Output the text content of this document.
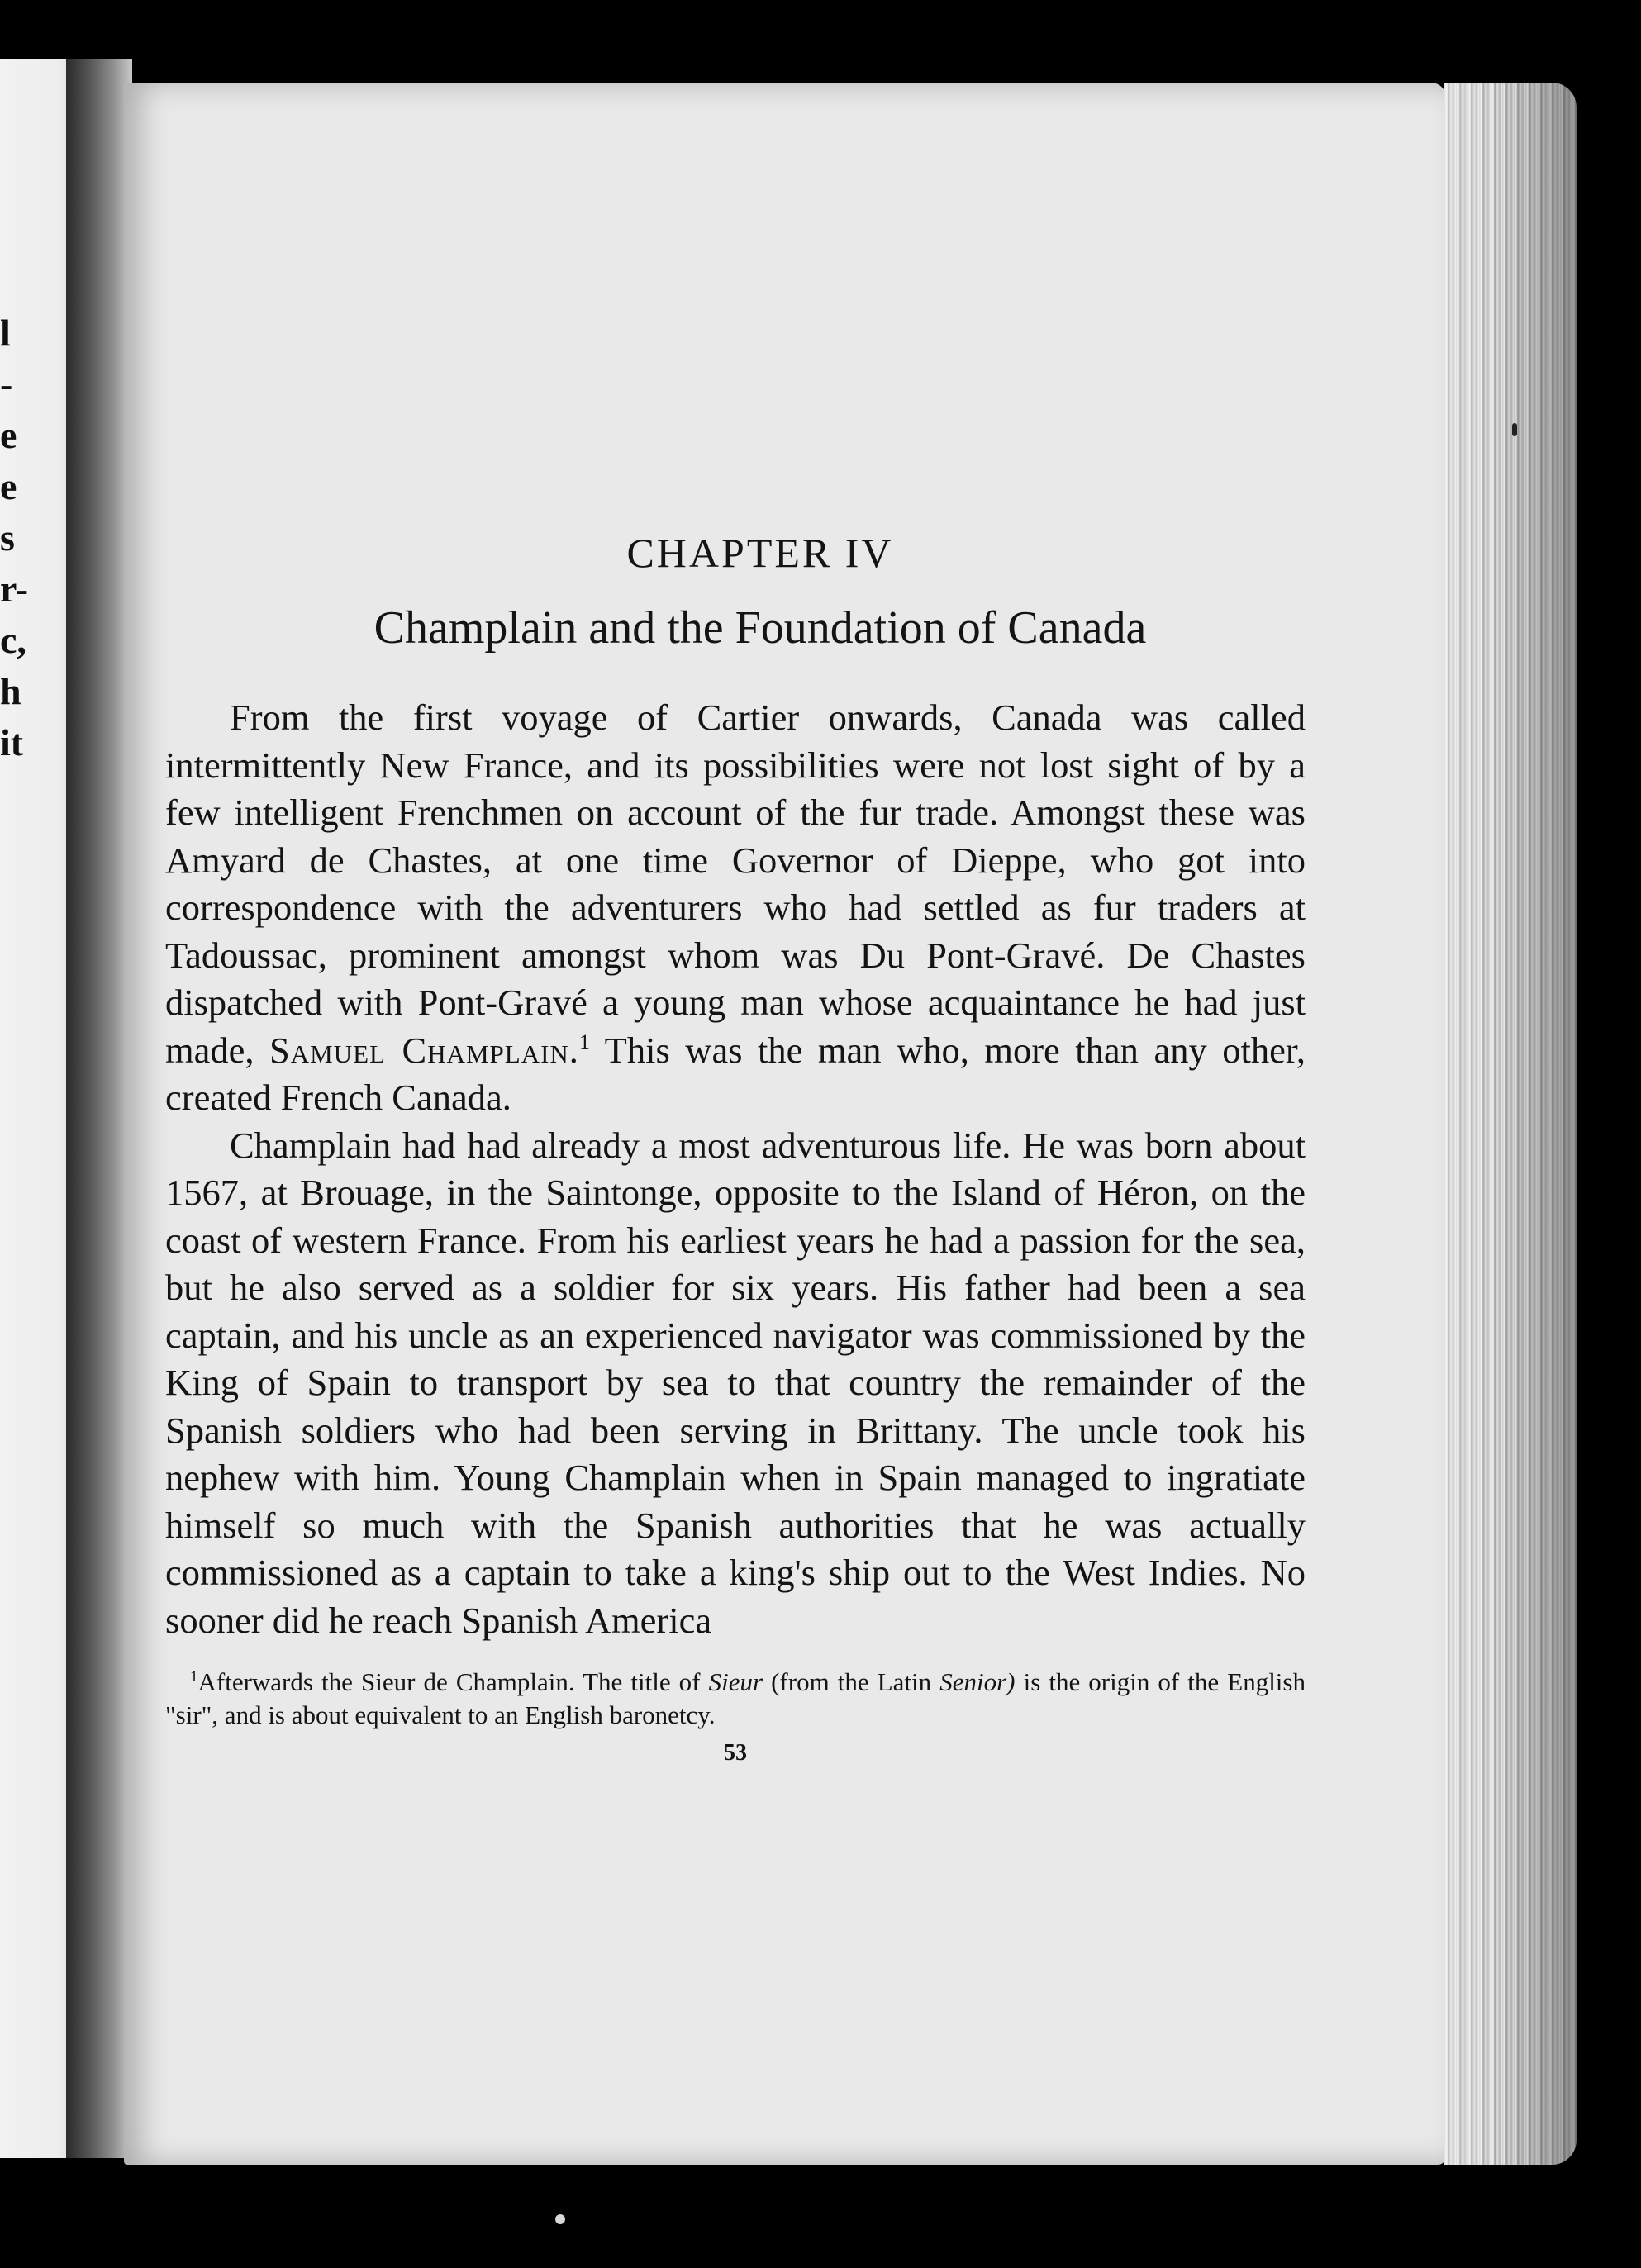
l
-
e
e
s
r-
c,
h
it
CHAPTER IV
Champlain and the Foundation of Canada

From the first voyage of Cartier onwards, Canada was called intermittently New France, and its possibilities were not lost sight of by a few intelligent Frenchmen on account of the fur trade. Amongst these was Amyard de Chastes, at one time Governor of Dieppe, who got into correspondence with the adventurers who had settled as fur traders at Tadoussac, prominent amongst whom was Du Pont-Gravé. De Chastes dispatched with Pont-Gravé a young man whose acquaintance he had just made, Samuel Champlain.$^1$ This was the man who, more than any other, created French Canada.

Champlain had had already a most adventurous life. He was born about 1567, at Brouage, in the Saintonge, opposite to the Island of Héron, on the coast of western France. From his earliest years he had a passion for the sea, but he also served as a soldier for six years. His father had been a sea captain, and his uncle as an experienced navigator was commissioned by the King of Spain to transport by sea to that country the remainder of the Spanish soldiers who had been serving in Brittany. The uncle took his nephew with him. Young Champlain when in Spain managed to ingratiate himself so much with the Spanish authorities that he was actually commissioned as a captain to take a king's ship out to the West Indies. No sooner did he reach Spanish America

$^1$Afterwards the Sieur de Champlain. The title of Sieur (from the Latin Senior) is the origin of the English "sir", and is about equivalent to an English baronetcy.
53
